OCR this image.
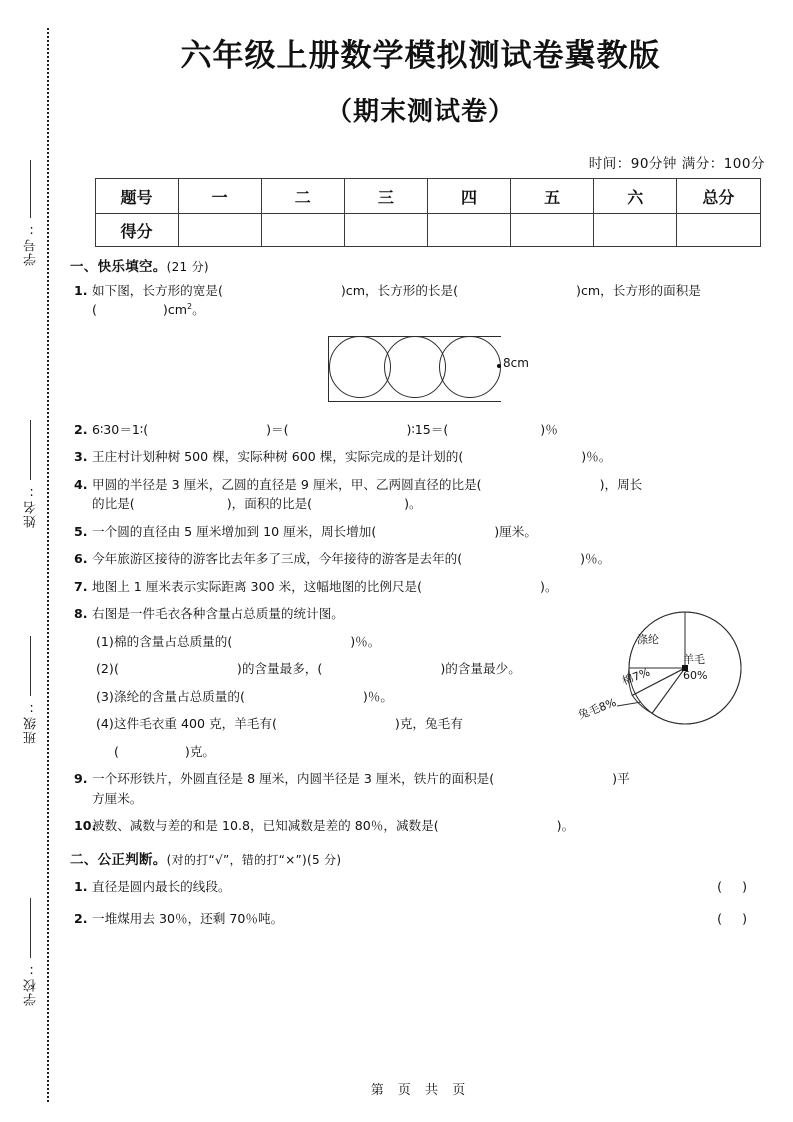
学号:
姓名:
班级:
学校:
六年级上册数学模拟测试卷冀教版
（期末测试卷）
时间：90分钟 满分：100分
题号	一	二	三	四	五	六	总分
得分							
一、快乐填空。(21 分)
1. 如下图，长方形的宽是(	)cm，长方形的长是(	)cm，长方形的面积是
(	)$cm^2$。
8cm
2. 6∶30＝1∶(	)＝(	)∶15＝(	)％
3. 王庄村计划种树 500 棵，实际种树 600 棵，实际完成的是计划的(	)％。
4. 甲圆的半径是 3 厘米，乙圆的直径是 9 厘米，甲、乙两圆直径的比是(	)，周长
的比是(	)，面积的比是(	)。
5. 一个圆的直径由 5 厘米增加到 10 厘米，周长增加(	)厘米。
6. 今年旅游区接待的游客比去年多了三成，今年接待的游客是去年的(	)％。
7. 地图上 1 厘米表示实际距离 300 米，这幅地图的比例尺是(	)。
羊毛
60%
涤纶
棉7%
兔毛8%
8. 右图是一件毛衣各种含量占总质量的统计图。
(1) 棉的含量占总质量的(	)％。
(2) (	)的含量最多，(	)的含量最少。
(3) 涤纶的含量占总质量的(	)％。
(4) 这件毛衣重 400 克，羊毛有(	)克，兔毛有
(	)克。
9. 一个环形铁片，外圆直径是 8 厘米，内圆半径是 3 厘米，铁片的面积是(	)平
方厘米。
10.
被数、减数与差的和是 10.8，已知减数是差的 80％，减数是(	)。
二、公正判断。(对的打“√”，错的打“×”)(5 分)
1. 直径是圆内最长的线段。	( )
2. 一堆煤用去 30％，还剩 70％吨。	( )
第 页 共 页
